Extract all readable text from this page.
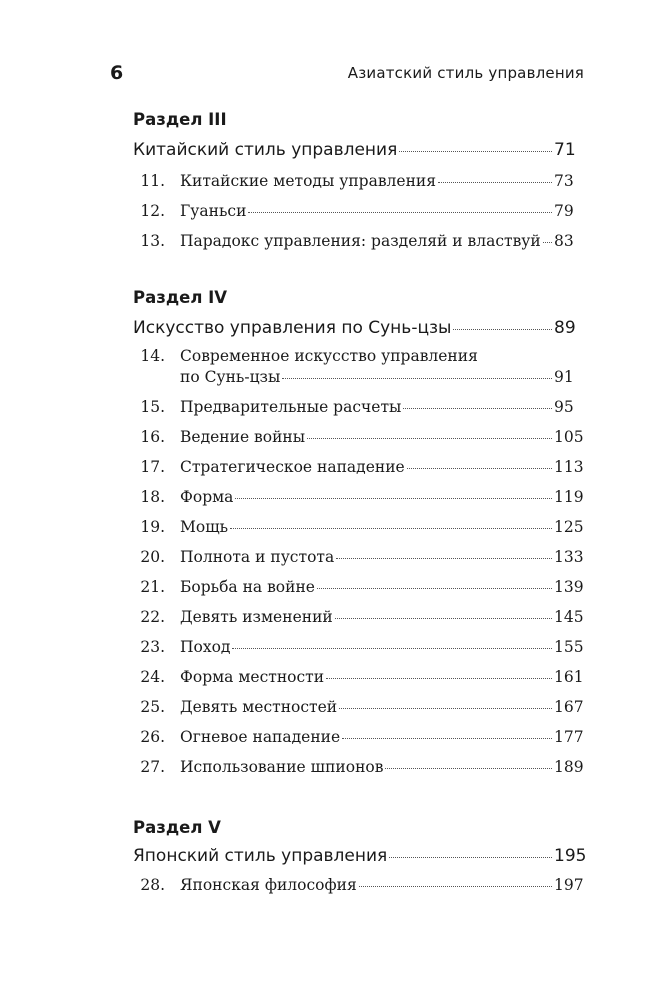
6	Азиатский стиль управления
Раздел III
Китайский стиль управления	71
11. Китайские методы управления	73
12. Гуаньси	79
13. Парадокс управления: разделяй и властвуй 83
Раздел IV
Искусство управления по Сунь-цзы	89
14. Современное искусство управления
по Сунь-цзы	91
15. Предварительные расчеты	95
16. Ведение войны	105
17. Стратегическое нападение	113
18. Форма	119
19. Мощь	125
20. Полнота и пустота	133
21. Борьба на войне	139
22. Девять изменений	145
23. Поход	155
24. Форма местности	161
25. Девять местностей	167
26. Огневое нападение	177
27. Использование шпионов	189
Раздел V
Японский стиль управления	195
28. Японская философия	197
